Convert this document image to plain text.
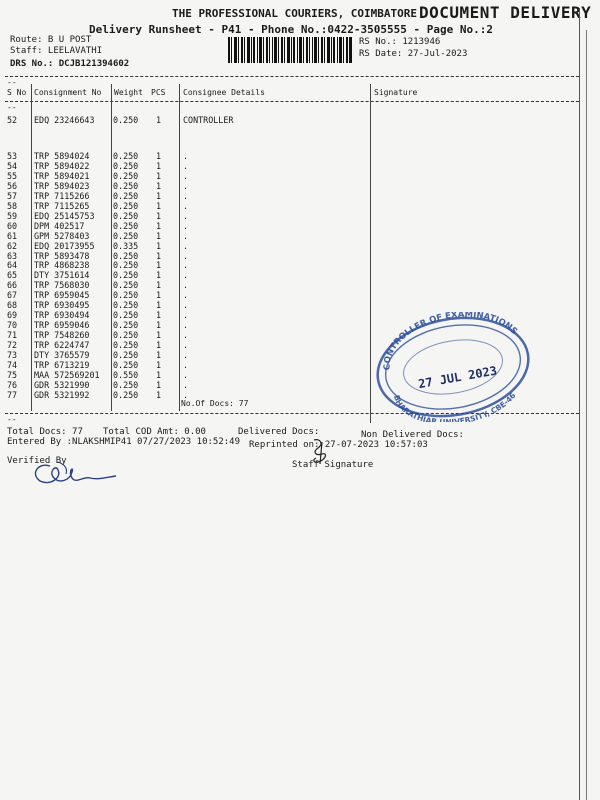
THE PROFESSIONAL COURIERS, COIMBATORE DOCUMENT DELIVERY
Delivery Runsheet - P41 - Phone No.:0422-3505555 - Page No.:2
Route: B U POST
Staff: LEELAVATHI
DRS No.: DCJB121394602
RS No.: 1213946
RS Date: 27-Jul-2023
--
S No Consignment No Weight PCS Consignee Details	Signature
--
52 EDQ 23246643 0.250 1	CONTROLLER
53 TRP 5894024	0.250 1	.
54 TRP 5894022	0.250 1	.
55 TRP 5894021	0.250 1	.
56 TRP 5894023	0.250 1	.
57 TRP 7115266	0.250 1	.
58 TRP 7115265	0.250 1	.
59 EDQ 25145753 0.250 1	.
60 DPM 402517	0.250 1	.
61 GPM 5278403	0.250 1	.
62 EDQ 20173955 0.335 1	.
63 TRP 5893478	0.250 1	.
64 TRP 4868238	0.250 1	.
65 DTY 3751614	0.250 1	.
66 TRP 7568030	0.250 1	.
67 TRP 6959045	0.250 1	.
68 TRP 6930495	0.250 1	.
69 TRP 6930494	0.250 1	.
70 TRP 6959046	0.250 1	.
71 TRP 7548260	0.250 1	.
72 TRP 6224747	0.250 1	.
73 DTY 3765579	0.250 1	.
74 TRP 6713219	0.250 1	.
75 MAA 572569201 0.550 1	.
76 GDR 5321990	0.250 1	.
77 GDR 5321992	0.250 1	.
No.Of Docs: 77
--
Total Docs: 77 Total COD Amt: 0.00	Delivered Docs:	Non Delivered Docs:
Entered By :NLAKSHMIP41 07/27/2023 10:52:49 Reprinted on: 27-07-2023 10:57:03
Verified By	Staff Signature
CONTROLLER OF EXAMINATIONS
BHARATHIAR IVERSITY, CBE-46
27 JUL 2023
